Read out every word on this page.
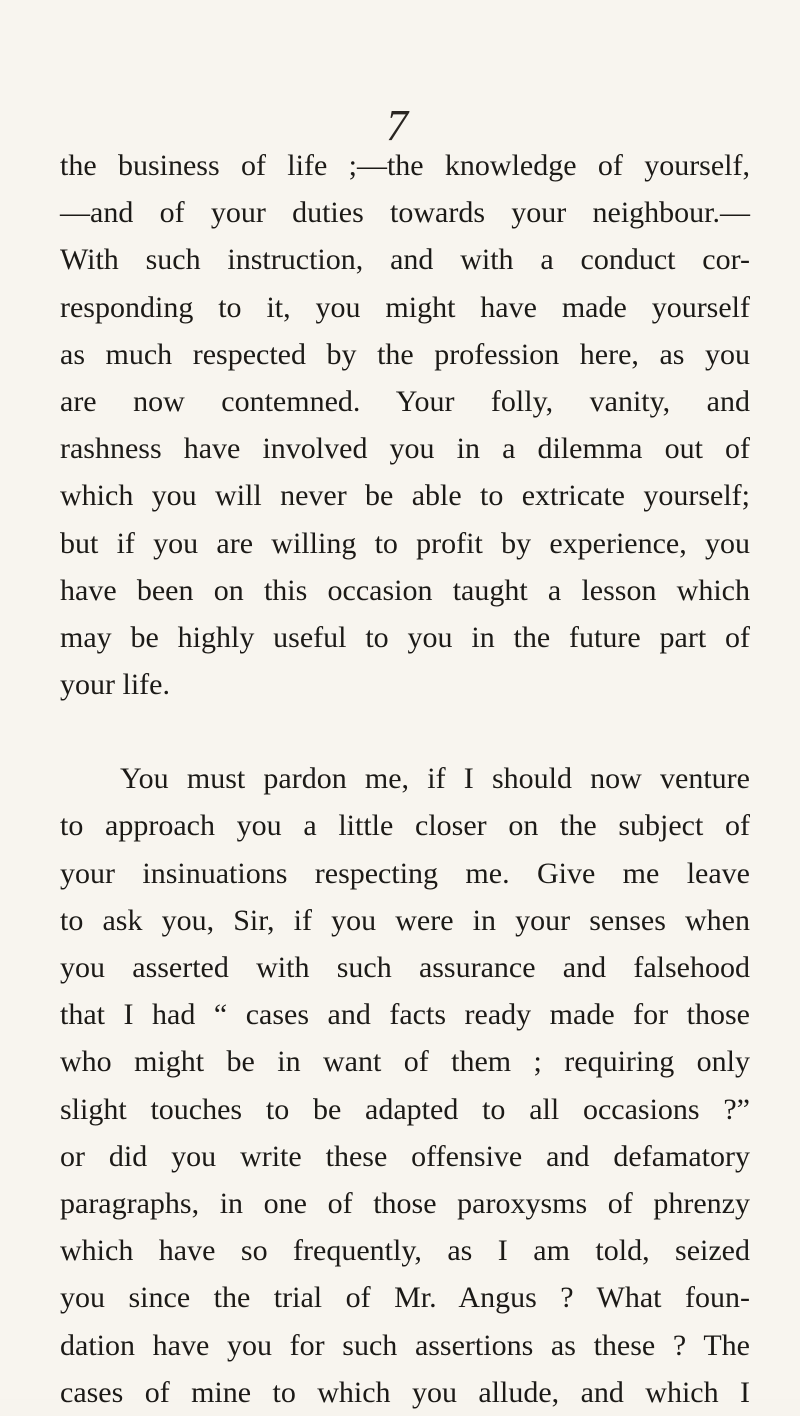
7
the business of life ;—the knowledge of yourself,
—and of your duties towards your neighbour.—
With such instruction, and with a conduct cor-
responding to it, you might have made yourself
as much respected by the profession here, as you
are now contemned. Your folly, vanity, and
rashness have involved you in a dilemma out of
which you will never be able to extricate yourself;
but if you are willing to profit by experience, you
have been on this occasion taught a lesson which
may be highly useful to you in the future part of
your life.
You must pardon me, if I should now venture
to approach you a little closer on the subject of
your insinuations respecting me. Give me leave
to ask you, Sir, if you were in your senses when
you asserted with such assurance and falsehood
that I had “ cases and facts ready made for those
who might be in want of them ; requiring only
slight touches to be adapted to all occasions ?”
or did you write these offensive and defamatory
paragraphs, in one of those paroxysms of phrenzy
which have so frequently, as I am told, seized
you since the trial of Mr. Angus ? What foun-
dation have you for such assertions as these ? The
cases of mine to which you allude, and which I
